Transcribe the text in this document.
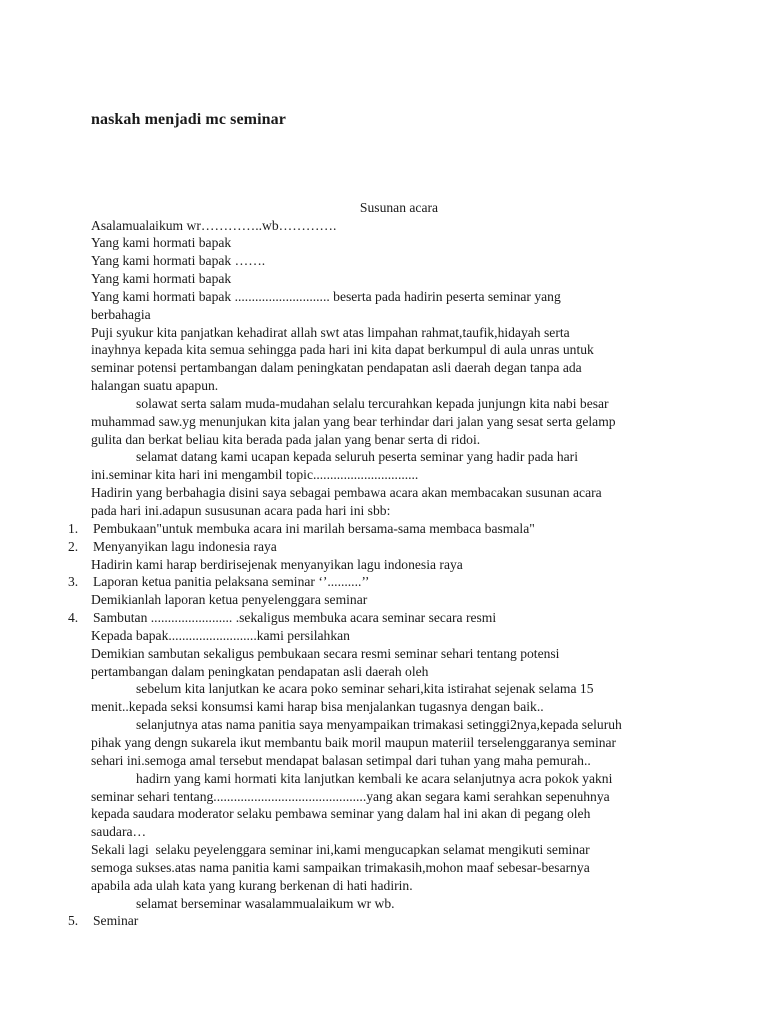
naskah menjadi mc seminar
Susunan acara
Asalamualaikum wr…………..wb………….
Yang kami hormati bapak
Yang kami hormati bapak …….
Yang kami hormati bapak
Yang kami hormati bapak ............................ beserta pada hadirin peserta seminar yang
berbahagia
Puji syukur kita panjatkan kehadirat allah swt atas limpahan rahmat,taufik,hidayah serta
inayhnya kepada kita semua sehingga pada hari ini kita dapat berkumpul di aula unras untuk
seminar potensi pertambangan dalam peningkatan pendapatan asli daerah degan tanpa ada
halangan suatu apapun.
solawat serta salam muda-mudahan selalu tercurahkan kepada junjungn kita nabi besar
muhammad saw.yg menunjukan kita jalan yang bear terhindar dari jalan yang sesat serta gelamp
gulita dan berkat beliau kita berada pada jalan yang benar serta di ridoi.
selamat datang kami ucapan kepada seluruh peserta seminar yang hadir pada hari
ini.seminar kita hari ini mengambil topic...............................
Hadirin yang berbahagia disini saya sebagai pembawa acara akan membacakan susunan acara
pada hari ini.adapun sususunan acara pada hari ini sbb:
1. Pembukaan"untuk membuka acara ini marilah bersama-sama membaca basmala"
2. Menyanyikan lagu indonesia raya
Hadirin kami harap berdirisejenak menyanyikan lagu indonesia raya
3. Laporan ketua panitia pelaksana seminar ‘’..........’’
Demikianlah laporan ketua penyelenggara seminar
4. Sambutan ........................ .sekaligus membuka acara seminar secara resmi
Kepada bapak..........................kami persilahkan
Demikian sambutan sekaligus pembukaan secara resmi seminar sehari tentang potensi
pertambangan dalam peningkatan pendapatan asli daerah oleh
sebelum kita lanjutkan ke acara poko seminar sehari,kita istirahat sejenak selama 15
menit..kepada seksi konsumsi kami harap bisa menjalankan tugasnya dengan baik..
selanjutnya atas nama panitia saya menyampaikan trimakasi setinggi2nya,kepada seluruh
pihak yang dengn sukarela ikut membantu baik moril maupun materiil terselenggaranya seminar
sehari ini.semoga amal tersebut mendapat balasan setimpal dari tuhan yang maha pemurah..
hadirn yang kami hormati kita lanjutkan kembali ke acara selanjutnya acra pokok yakni
seminar sehari tentang.............................................yang akan segara kami serahkan sepenuhnya
kepada saudara moderator selaku pembawa seminar yang dalam hal ini akan di pegang oleh
saudara…
Sekali lagi  selaku peyelenggara seminar ini,kami mengucapkan selamat mengikuti seminar
semoga sukses.atas nama panitia kami sampaikan trimakasih,mohon maaf sebesar-besarnya
apabila ada ulah kata yang kurang berkenan di hati hadirin.
selamat berseminar wasalammualaikum wr wb.
5. Seminar
